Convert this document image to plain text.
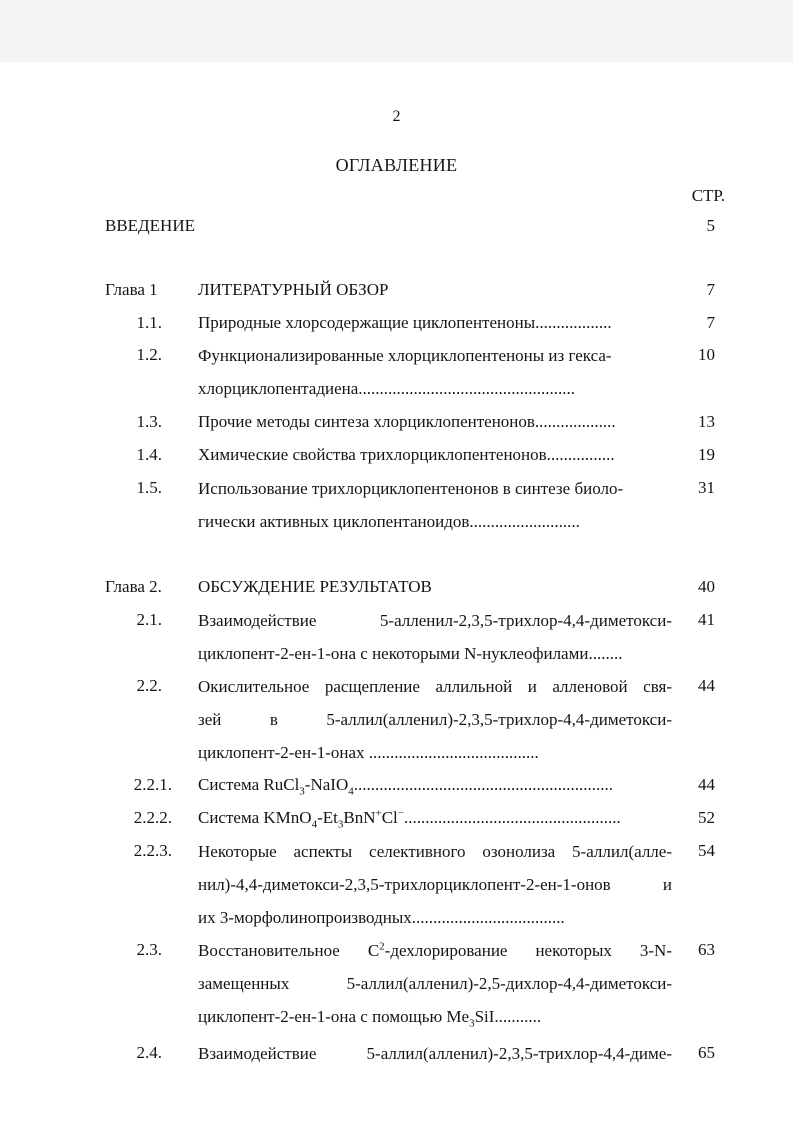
2
ОГЛАВЛЕНИЕ
СТР.
ВВЕДЕНИЕ	5
Глава 1 ЛИТЕРАТУРНЫЙ ОБЗОР	7
1.1. Природные хлорсодержащие циклопентеноны..................	7
1.2. Функционализированные хлорциклопентеноны из гекса-
хлорциклопентадиена...................................................
10
1.3. Прочие методы синтеза хлорциклопентенонов...................	13
1.4. Химические свойства трихлорциклопентенонов................	19
1.5. Использование трихлорциклопентенонов в синтезе биоло-
гически активных циклопентаноидов..........................
31
Глава 2. ОБСУЖДЕНИЕ РЕЗУЛЬТАТОВ	40
2.1. Взаимодействие 5-алленил-2,3,5-трихлор-4,4-диметокси-
циклопент-2-ен-1-она с некоторыми N-нуклеофилами........
41
2.2. Окислительное расщепление аллильной и алленовой свя-
зей в 5-аллил(алленил)-2,3,5-трихлор-4,4-диметокси-
циклопент-2-ен-1-онах ........................................
44
2.2.1. Система RuCl$_3$-NaIO$_4$.............................................................	44
2.2.2. Система $KMnO_4-Et_3BnN^+Cl^-$...................................................	52
2.2.3. Некоторые аспекты селективного озонолиза 5-аллил(алле-
нил)-4,4-диметокси-2,3,5-трихлорциклопент-2-ен-1-онов и
их 3-морфолинопроизводных....................................
54
2.3. Восстановительное $C^2$-дехлорирование некоторых 3-N-
замещенных 5-аллил(алленил)-2,5-дихлор-4,4-диметокси-
циклопент-2-ен-1-она с помощью $Me_3SiI$...........
63
2.4. Взаимодействие 5-аллил(алленил)-2,3,5-трихлор-4,4-диме-	65
